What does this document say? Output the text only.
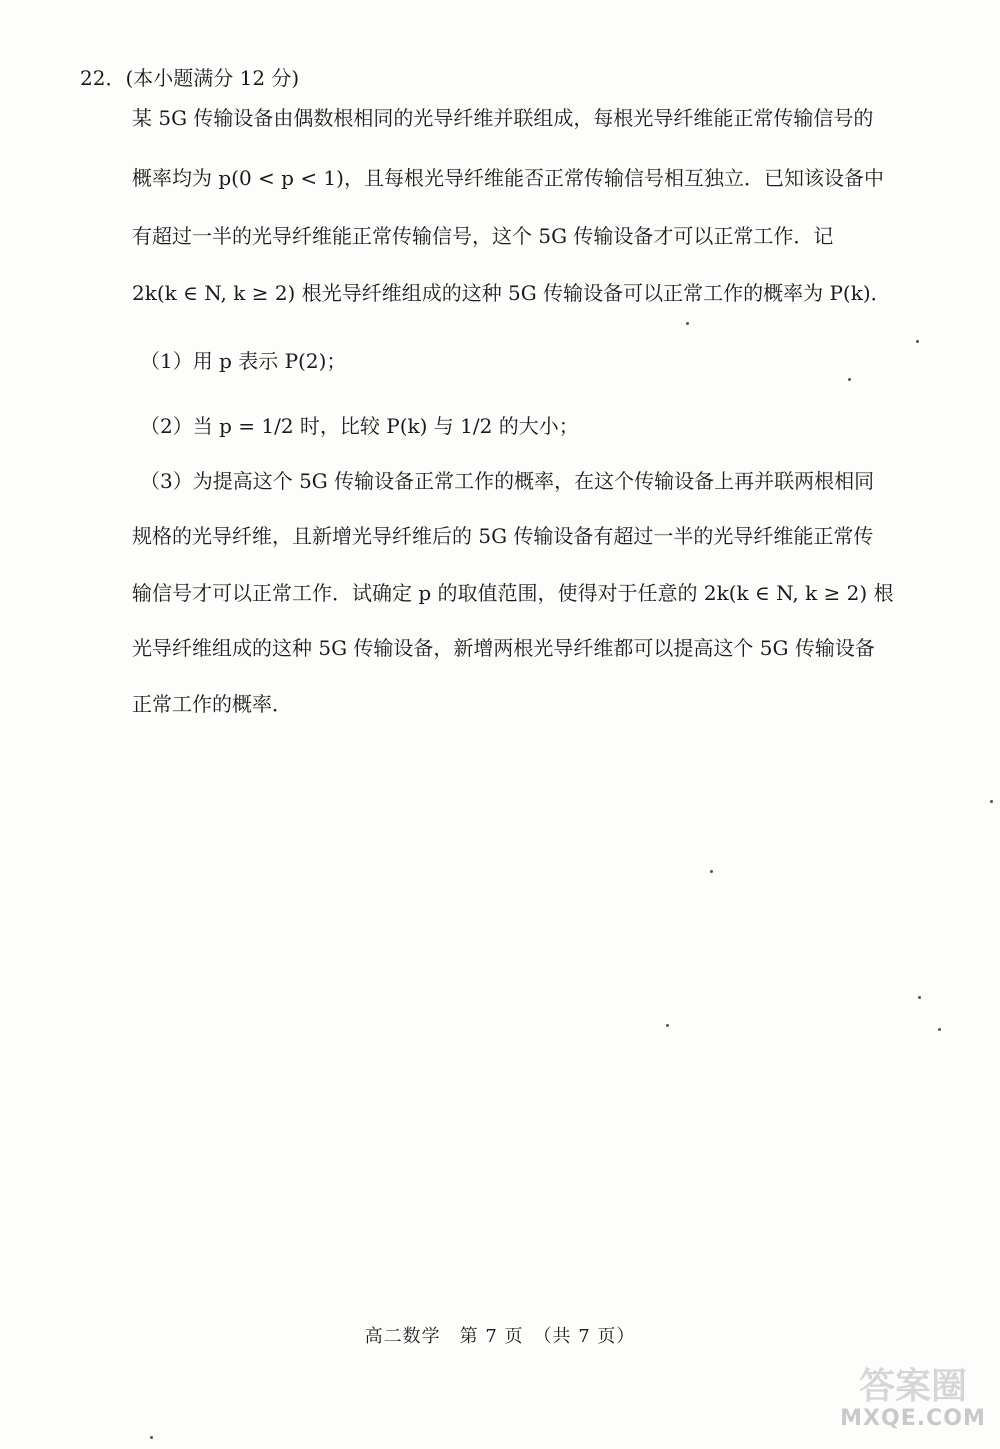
22．(本小题满分 12 分)
某 5G 传输设备由偶数根相同的光导纤维并联组成，每根光导纤维能正常传输信号的
概率均为 p(0 < p < 1)，且每根光导纤维能否正常传输信号相互独立．已知该设备中
有超过一半的光导纤维能正常传输信号，这个 5G 传输设备才可以正常工作．记
2k(k ∈ N, k ≥ 2) 根光导纤维组成的这种 5G 传输设备可以正常工作的概率为 P(k)．
（1）用 p 表示 P(2)；
（2）当 p = 1/2 时，比较 P(k) 与 1/2 的大小；
（3）为提高这个 5G 传输设备正常工作的概率，在这个传输设备上再并联两根相同
规格的光导纤维，且新增光导纤维后的 5G 传输设备有超过一半的光导纤维能正常传
输信号才可以正常工作．试确定 p 的取值范围，使得对于任意的 2k(k ∈ N, k ≥ 2) 根
光导纤维组成的这种 5G 传输设备，新增两根光导纤维都可以提高这个 5G 传输设备
正常工作的概率．
高二数学　第 7 页　（共 7 页）
答案圈
MXQE.COM
